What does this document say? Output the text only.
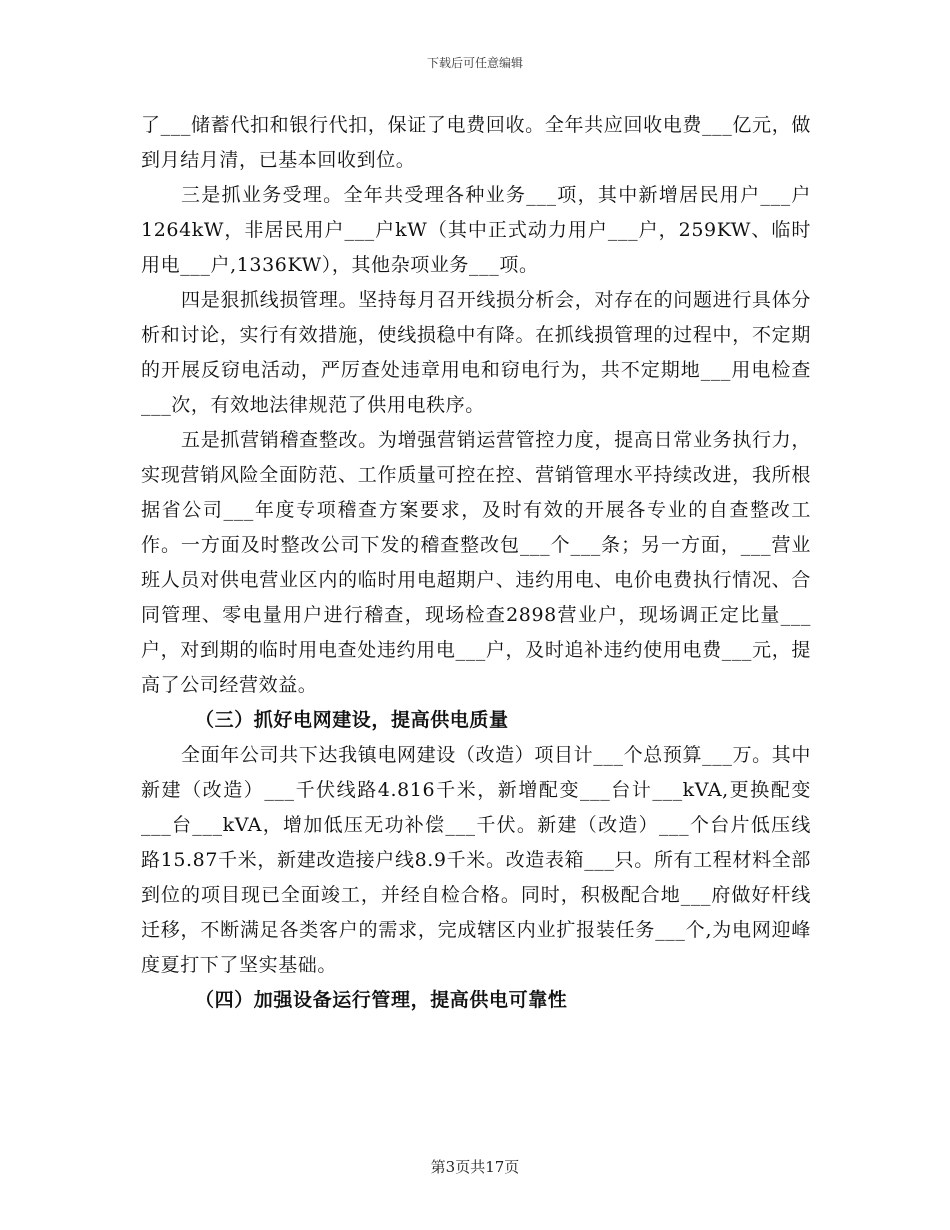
下载后可任意编辑

了___储蓄代扣和银行代扣，保证了电费回收。全年共应回收电费___亿元，做到月结月清，已基本回收到位。

三是抓业务受理。全年共受理各种业务___项，其中新增居民用户___户1264kW，非居民用户___户kW（其中正式动力用户___户，259KW、临时用电___户,1336KW），其他杂项业务___项。

四是狠抓线损管理。坚持每月召开线损分析会，对存在的问题进行具体分析和讨论，实行有效措施，使线损稳中有降。在抓线损管理的过程中，不定期的开展反窃电活动，严厉查处违章用电和窃电行为，共不定期地___用电检查___次，有效地法律规范了供用电秩序。

五是抓营销稽查整改。为增强营销运营管控力度，提高日常业务执行力，实现营销风险全面防范、工作质量可控在控、营销管理水平持续改进，我所根据省公司___年度专项稽查方案要求，及时有效的开展各专业的自查整改工作。一方面及时整改公司下发的稽查整改包___个___条；另一方面，___营业班人员对供电营业区内的临时用电超期户、违约用电、电价电费执行情况、合同管理、零电量用户进行稽查，现场检查2898营业户，现场调正定比量___户，对到期的临时用电查处违约用电___户，及时追补违约使用电费___元，提高了公司经营效益。

（三）抓好电网建设，提高供电质量

全面年公司共下达我镇电网建设（改造）项目计___个总预算___万。其中新建（改造）___千伏线路4.816千米，新增配变___台计___kVA,更换配变___台___kVA，增加低压无功补偿___千伏。新建（改造）___个台片低压线路15.87千米，新建改造接户线8.9千米。改造表箱___只。所有工程材料全部到位的项目现已全面竣工，并经自检合格。同时，积极配合地___府做好杆线迁移，不断满足各类客户的需求，完成辖区内业扩报装任务___个,为电网迎峰度夏打下了坚实基础。

（四）加强设备运行管理，提高供电可靠性

第3页共17页
